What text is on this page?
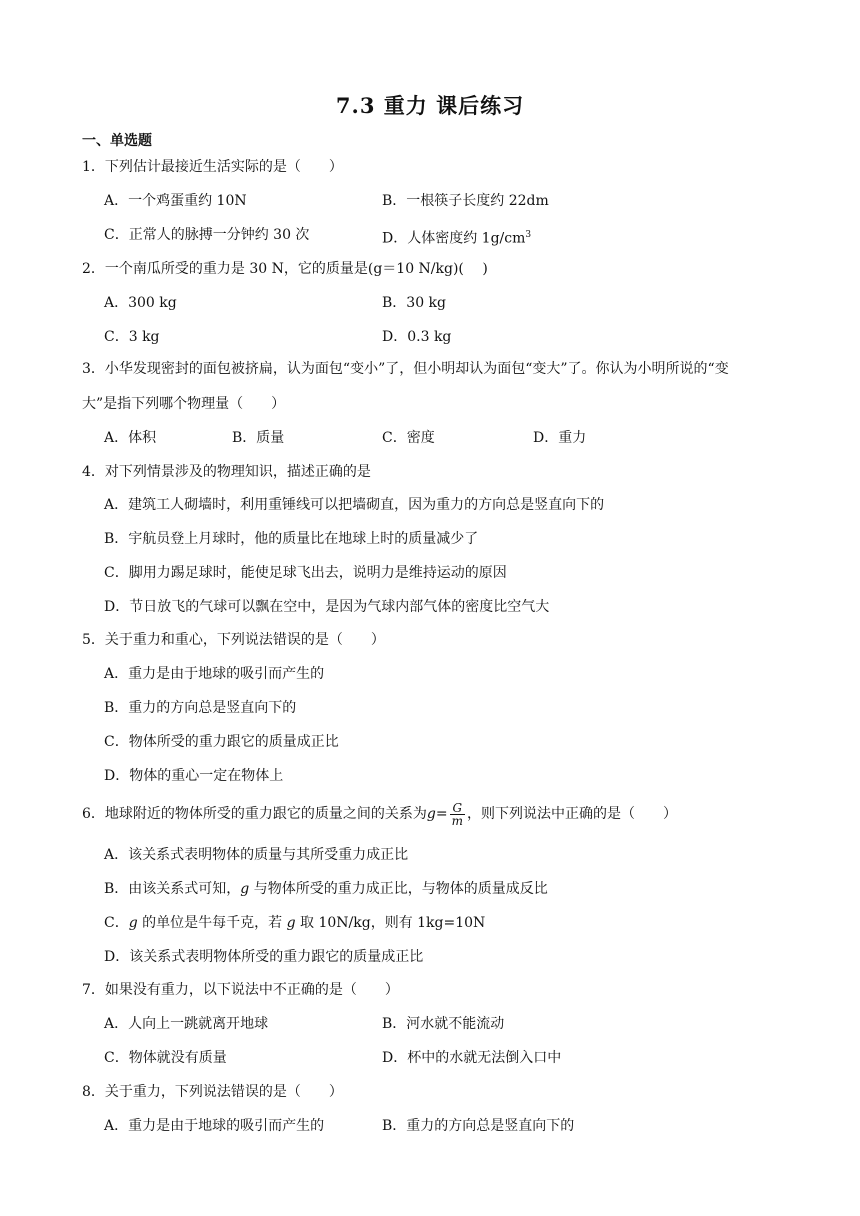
7.3 重力 课后练习
一、单选题
1．下列估计最接近生活实际的是（　　）
A．一个鸡蛋重约 10N	B．一根筷子长度约 22dm
C．正常人的脉搏一分钟约 30 次	D．人体密度约 $1g/cm^3$
2．一个南瓜所受的重力是 30 N，它的质量是(g＝10 N/kg)(　 )
A．300 kg	B．30 kg
C．3 kg	D．0.3 kg
3．小华发现密封的面包被挤扁，认为面包“变小”了，但小明却认为面包“变大”了。你认为小明所说的“变
大”是指下列哪个物理量（　　）
A．体积	B．质量	C．密度	D．重力
4．对下列情景涉及的物理知识，描述正确的是
A．建筑工人砌墙时，利用重锤线可以把墙砌直，因为重力的方向总是竖直向下的
B．宇航员登上月球时，他的质量比在地球上时的质量减少了
C．脚用力踢足球时，能使足球飞出去，说明力是维持运动的原因
D．节日放飞的气球可以飘在空中，是因为气球内部气体的密度比空气大
5．关于重力和重心，下列说法错误的是（　　）
A．重力是由于地球的吸引而产生的
B．重力的方向总是竖直向下的
C．物体所受的重力跟它的质量成正比
D．物体的重心一定在物体上
6．地球附近的物体所受的重力跟它的质量之间的关系为$g= \frac{G}{m}$ ，则下列说法中正确的是（　　）
A．该关系式表明物体的质量与其所受重力成正比
B．由该关系式可知，g 与物体所受的重力成正比，与物体的质量成反比
C．g 的单位是牛每千克，若 g 取 10N/kg，则有 1kg=10N
D．该关系式表明物体所受的重力跟它的质量成正比
7．如果没有重力，以下说法中不正确的是（　　）
A．人向上一跳就离开地球	B．河水就不能流动
C．物体就没有质量	D．杯中的水就无法倒入口中
8．关于重力，下列说法错误的是（　　）
A．重力是由于地球的吸引而产生的	B．重力的方向总是竖直向下的
